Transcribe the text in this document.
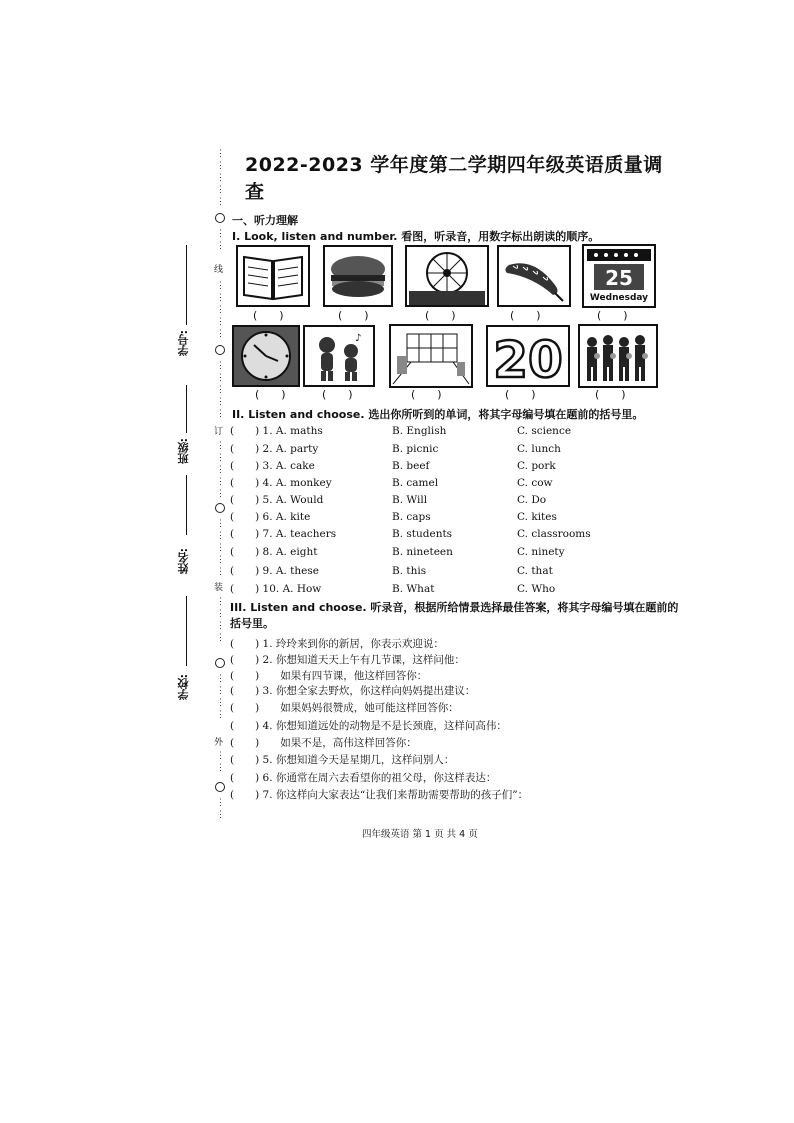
⋮
⋮
⋮
⋮
⋮
⋮
⋮
线
⋮
⋮
⋮
⋮
⋮
⋮
⋮
⋮
⋮
⋮
订
⋮
⋮
⋮
⋮
⋮
⋮
⋮
⋮
⋮
⋮
装
⋮
⋮
⋮
⋮
⋮
⋮
⋮
⋮
外
⋮
⋮
⋮
⋮
学号:
班级:
姓名:
学校:
2022-2023 学年度第二学期四年级英语质量调查
一、听力理解
I. Look, listen and number. 看图，听录音，用数字标出朗读的顺序。
25
Wednesday
(　　)	(　　)	(　　)	(　　)	(　　)
♪	20
(　　)	(　　)	(　　)	(　　)	(　　)
II. Listen and choose. 选出你所听到的单词，将其字母编号填在题前的括号里。
(　　) 1. A. maths	B. English	C. science
(　　) 2. A. party	B. picnic	C. lunch
(　　) 3. A. cake	B. beef	C. pork
(　　) 4. A. monkey	B. camel	C. cow
(　　) 5. A. Would	B. Will	C. Do
(　　) 6. A. kite	B. caps	C. kites
(　　) 7. A. teachers	B. students	C. classrooms
(　　) 8. A. eight	B. nineteen	C. ninety
(　　) 9. A. these	B. this	C. that
(　　) 10. A. How	B. What	C. Who
III. Listen and choose. 听录音，根据所给情景选择最佳答案，将其字母编号填在题前的
括号里。
(　　) 1. 玲玲来到你的新居，你表示欢迎说：
(　　) 2. 你想知道天天上午有几节课，这样问他：
(　　)　　如果有四节课，他这样回答你：
(　　) 3. 你想全家去野炊，你这样向妈妈提出建议：
(　　)　　如果妈妈很赞成，她可能这样回答你：
(　　) 4. 你想知道远处的动物是不是长颈鹿，这样问高伟：
(　　)　　如果不是，高伟这样回答你：
(　　) 5. 你想知道今天是星期几，这样问别人：
(　　) 6. 你通常在周六去看望你的祖父母，你这样表达：
(　　) 7. 你这样向大家表达“让我们来帮助需要帮助的孩子们”：
四年级英语 第 1 页 共 4 页
